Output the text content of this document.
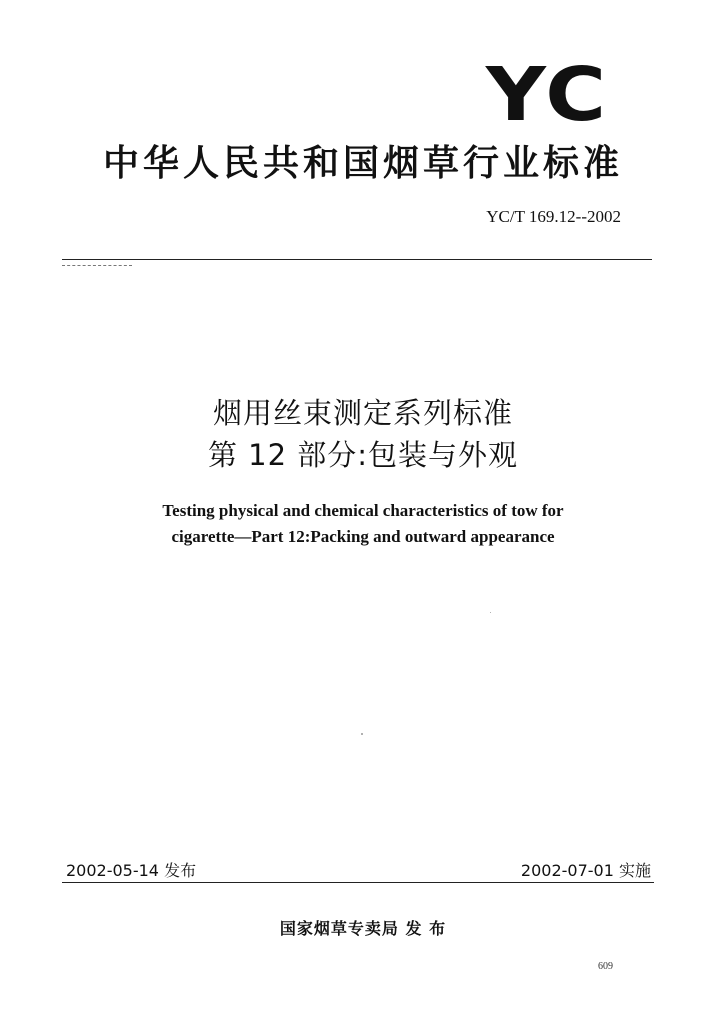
YC
中华人民共和国烟草行业标准
YC/T 169.12--2002
烟用丝束测定系列标准
第 12 部分:包装与外观
Testing physical and chemical characteristics of tow for
cigarette—Part 12:Packing and outward appearance
2002-05-14 发布	2002-07-01 实施
国家烟草专卖局 发 布
609
